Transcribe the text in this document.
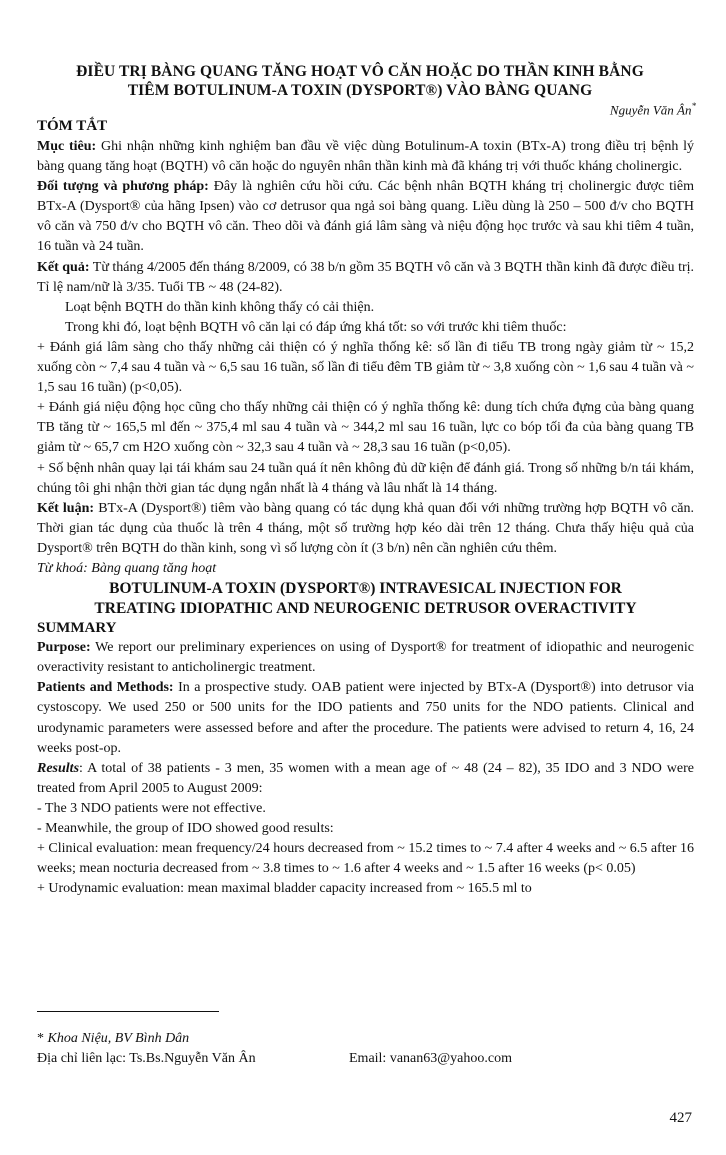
ĐIỀU TRỊ BÀNG QUANG TĂNG HOẠT VÔ CĂN HOẶC DO THẦN KINH BẰNG
TIÊM BOTULINUM-A TOXIN (DYSPORT®) VÀO BÀNG QUANG
Nguyễn Văn Ân*
TÓM TẮT

Mục tiêu: Ghi nhận những kinh nghiệm ban đầu về việc dùng Botulinum-A toxin (BTx-A) trong điều trị bệnh lý bàng quang tăng hoạt (BQTH) vô căn hoặc do nguyên nhân thần kinh mà đã kháng trị với thuốc kháng cholinergic.

Đối tượng và phương pháp: Đây là nghiên cứu hồi cứu. Các bệnh nhân BQTH kháng trị cholinergic được tiêm BTx-A (Dysport® của hãng Ipsen) vào cơ detrusor qua ngả soi bàng quang. Liều dùng là 250 – 500 đ/v cho BQTH vô căn và 750 đ/v cho BQTH vô căn. Theo dõi và đánh giá lâm sàng và niệu động học trước và sau khi tiêm 4 tuần, 16 tuần và 24 tuần.

Kết quả: Từ tháng 4/2005 đến tháng 8/2009, có 38 b/n gồm 35 BQTH vô căn và 3 BQTH thần kinh đã được điều trị. Tỉ lệ nam/nữ là 3/35. Tuổi TB ~ 48 (24-82).

Loạt bệnh BQTH do thần kinh không thấy có cải thiện.

Trong khi đó, loạt bệnh BQTH vô căn lại có đáp ứng khá tốt: so với trước khi tiêm thuốc:

+ Đánh giá lâm sàng cho thấy những cải thiện có ý nghĩa thống kê: số lần đi tiểu TB trong ngày giảm từ ~ 15,2 xuống còn ~ 7,4 sau 4 tuần và ~ 6,5 sau 16 tuần, số lần đi tiểu đêm TB giảm từ ~ 3,8 xuống còn ~ 1,6 sau 4 tuần và ~ 1,5 sau 16 tuần) (p<0,05).

+ Đánh giá niệu động học cũng cho thấy những cải thiện có ý nghĩa thống kê: dung tích chứa đựng của bàng quang TB tăng từ ~ 165,5 ml đến ~ 375,4 ml sau 4 tuần và ~ 344,2 ml sau 16 tuần, lực co bóp tối đa của bàng quang TB giảm từ ~ 65,7 cm H2O xuống còn ~ 32,3 sau 4 tuần và ~ 28,3 sau 16 tuần (p<0,05).

+ Số bệnh nhân quay lại tái khám sau 24 tuần quá ít nên không đủ dữ kiện để đánh giá. Trong số những b/n tái khám, chúng tôi ghi nhận thời gian tác dụng ngắn nhất là 4 tháng và lâu nhất là 14 tháng.

Kết luận: BTx-A (Dysport®) tiêm vào bàng quang có tác dụng khả quan đối với những trường hợp BQTH vô căn. Thời gian tác dụng của thuốc là trên 4 tháng, một số trường hợp kéo dài trên 12 tháng. Chưa thấy hiệu quả của Dysport® trên BQTH do thần kinh, song vì số lượng còn ít (3 b/n) nên cần nghiên cứu thêm.

Từ khoá: Bàng quang tăng hoạt

BOTULINUM-A TOXIN (DYSPORT®) INTRAVESICAL INJECTION FOR
TREATING IDIOPATHIC AND NEUROGENIC DETRUSOR OVERACTIVITY
SUMMARY

Purpose: We report our preliminary experiences on using of Dysport® for treatment of idiopathic and neurogenic overactivity resistant to anticholinergic treatment.

Patients and Methods: In a prospective study. OAB patient were injected by BTx-A (Dysport®) into detrusor via cystoscopy. We used 250 or 500 units for the IDO patients and 750 units for the NDO patients. Clinical and urodynamic parameters were assessed before and after the procedure. The patients were advised to return 4, 16, 24 weeks post-op.

Results: A total of 38 patients - 3 men, 35 women with a mean age of ~ 48 (24 – 82), 35 IDO and 3 NDO were treated from April 2005 to August 2009:

- The 3 NDO patients were not effective.

- Meanwhile, the group of IDO showed good results:

+ Clinical evaluation: mean frequency/24 hours decreased from ~ 15.2 times to ~ 7.4 after 4 weeks and ~ 6.5 after 16 weeks; mean nocturia decreased from ~ 3.8 times to ~ 1.6 after 4 weeks and ~ 1.5 after 16 weeks (p< 0.05)

+ Urodynamic evaluation: mean maximal bladder capacity increased from ~ 165.5 ml to

* Khoa Niệu, BV Bình Dân
Địa chỉ liên lạc: Ts.Bs.Nguyễn Văn Ân	Email: vanan63@yahoo.com
427
